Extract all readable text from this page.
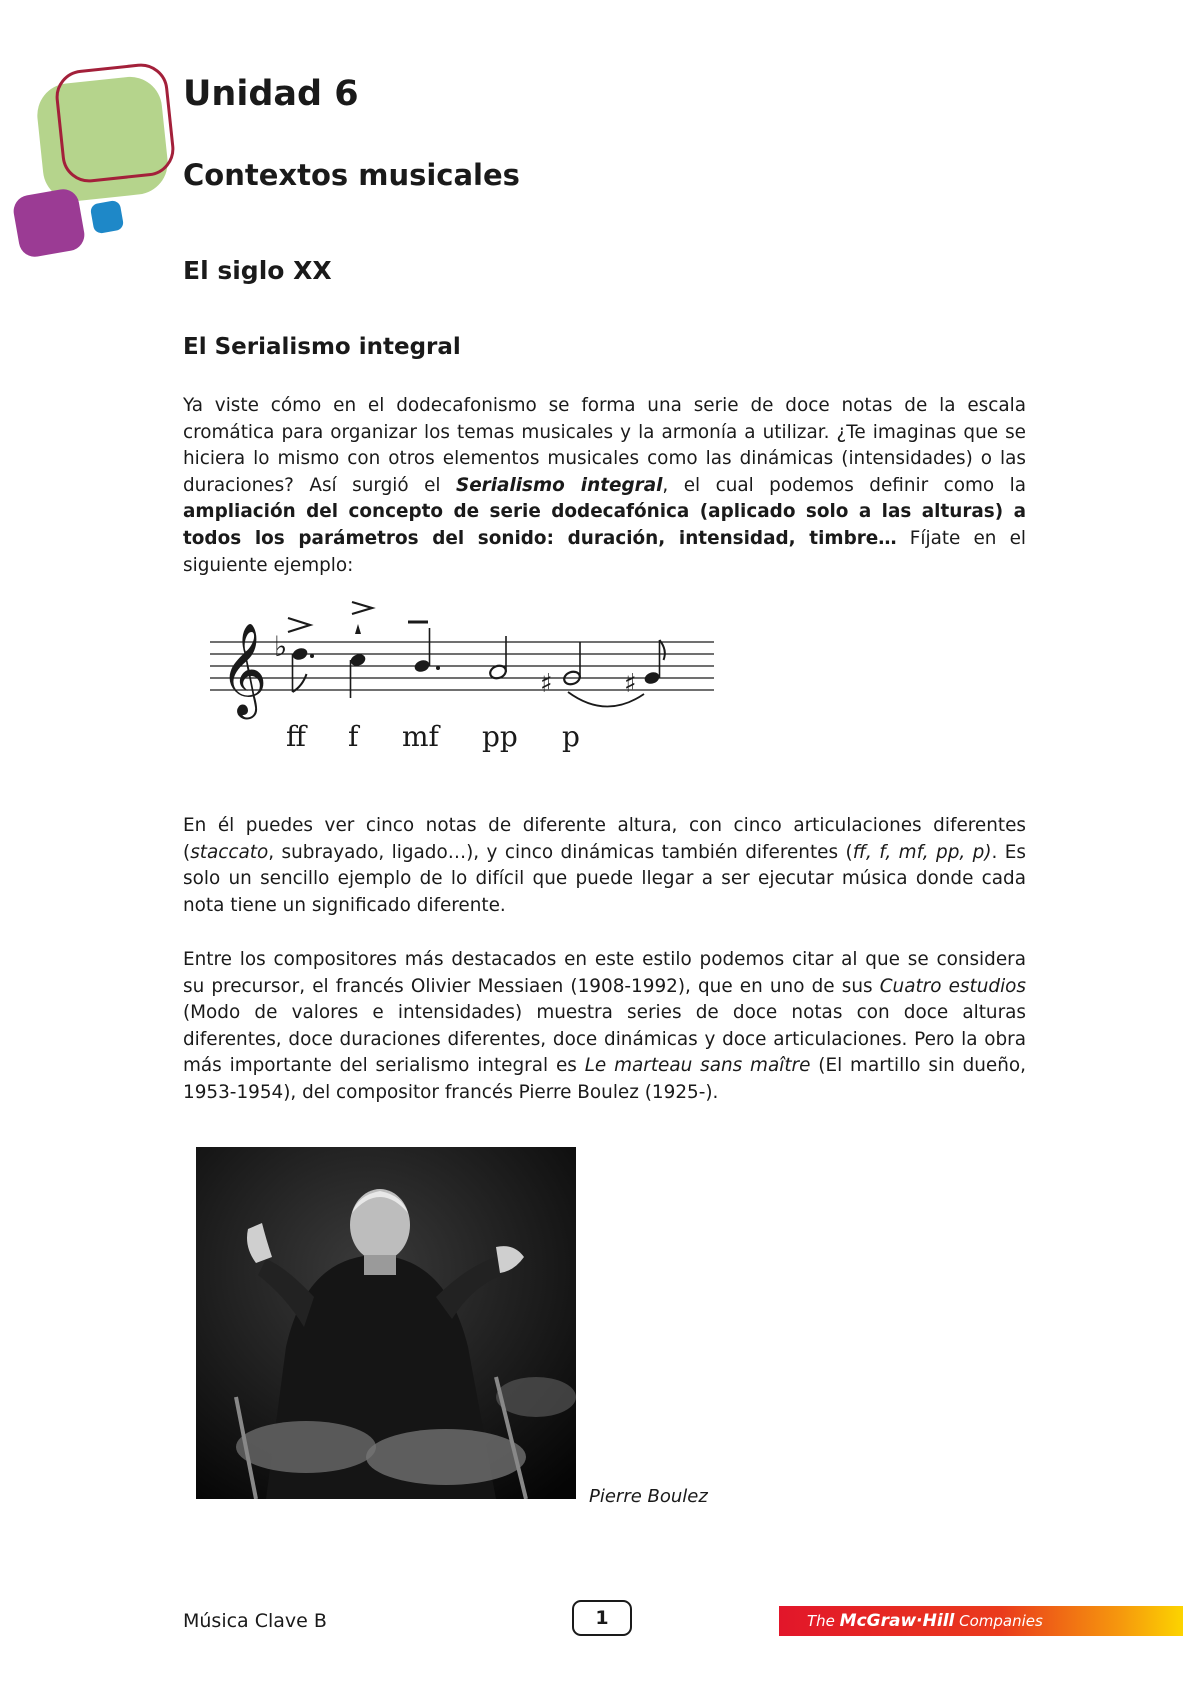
Unidad 6
Contextos musicales
El siglo XX
El Serialismo integral

Ya viste cómo en el dodecafonismo se forma una serie de doce notas de la escala cromática para organizar los temas musicales y la armonía a utilizar. ¿Te imaginas que se hiciera lo mismo con otros elementos musicales como las dinámicas (intensidades) o las duraciones? Así surgió el Serialismo integral, el cual podemos definir como la ampliación del concepto de serie dodecafónica (aplicado solo a las alturas) a todos los parámetros del sonido: duración, intensidad, timbre… Fíjate en el siguiente ejemplo:

𝄞 ♭
♯	♯
ff f mf pp p

En él puedes ver cinco notas de diferente altura, con cinco articulaciones diferentes (staccato, subrayado, ligado…), y cinco dinámicas también diferentes (ff, f, mf, pp, p). Es solo un sencillo ejemplo de lo difícil que puede llegar a ser ejecutar música donde cada nota tiene un significado diferente.

Entre los compositores más destacados en este estilo podemos citar al que se considera su precursor, el francés Olivier Messiaen (1908-1992), que en uno de sus Cuatro estudios (Modo de valores e intensidades) muestra series de doce notas con doce alturas diferentes, doce duraciones diferentes, doce dinámicas y doce articulaciones. Pero la obra más importante del serialismo integral es Le marteau sans maître (El martillo sin dueño, 1953-1954), del compositor francés Pierre Boulez (1925-).

Pierre Boulez

Música Clave B	1	The McGraw·Hill Companies
